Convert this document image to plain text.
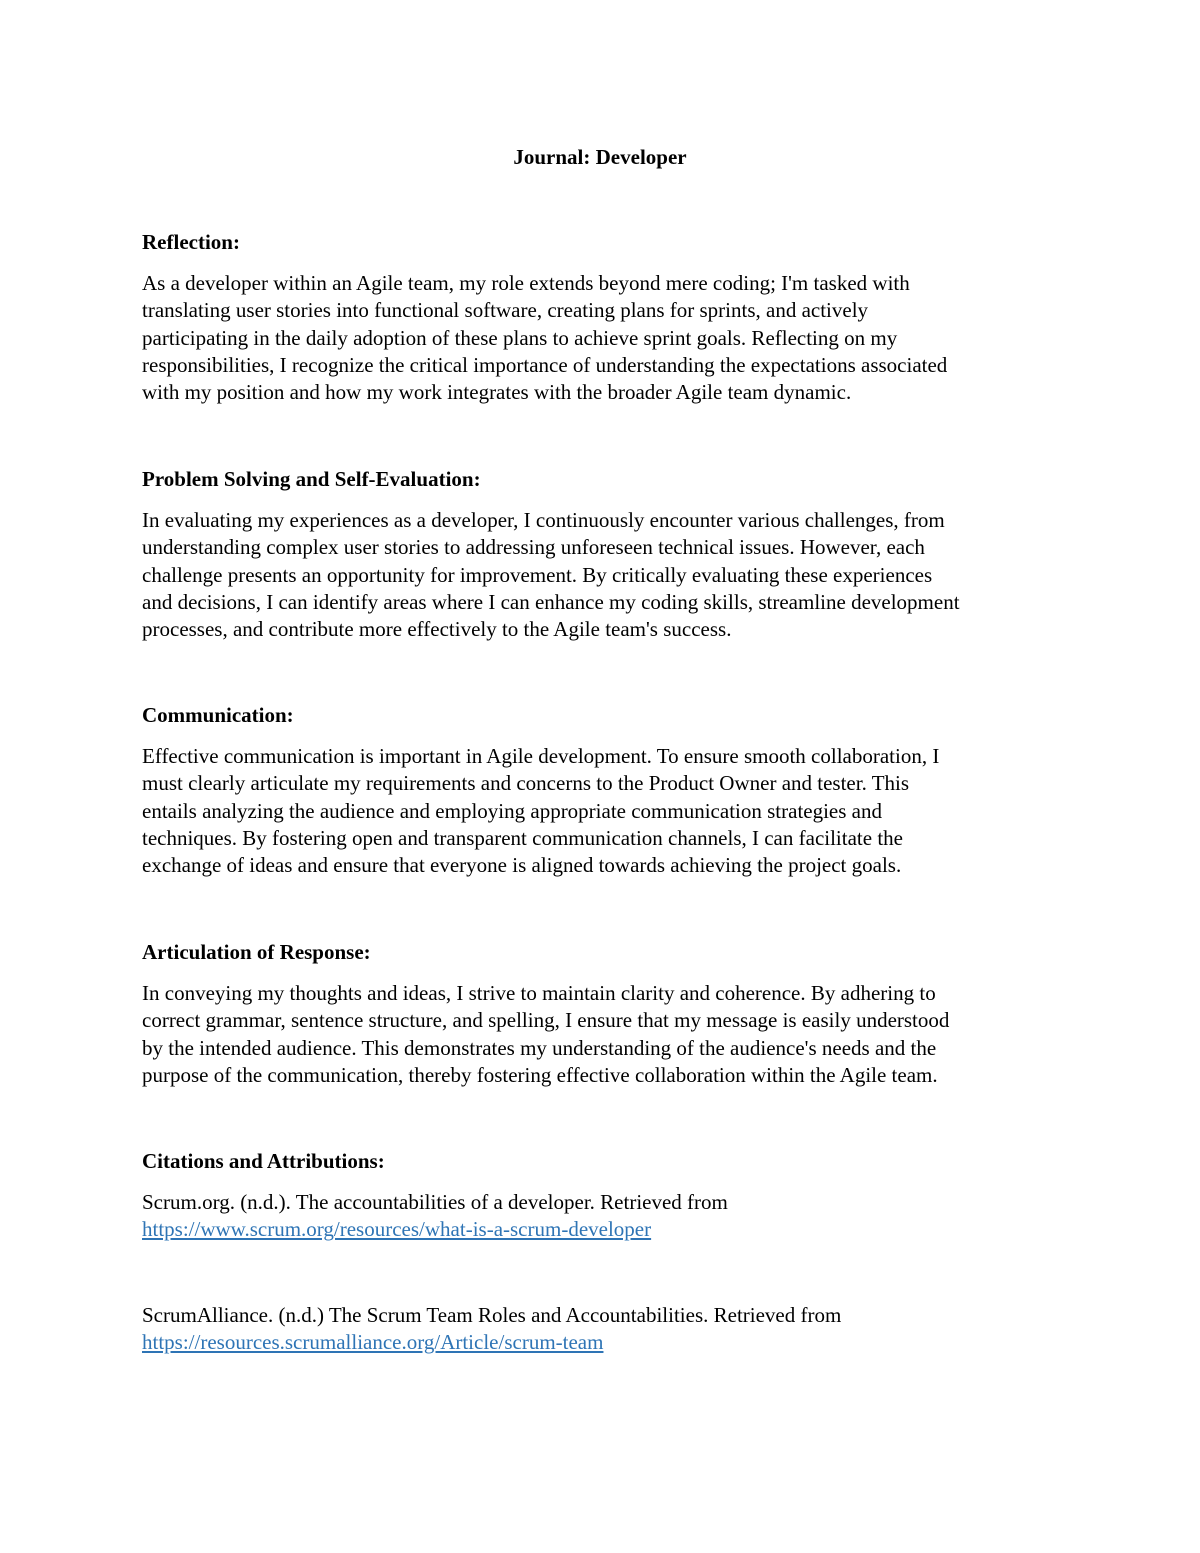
Journal: Developer
Reflection:

As a developer within an Agile team, my role extends beyond mere coding; I'm tasked with
translating user stories into functional software, creating plans for sprints, and actively
participating in the daily adoption of these plans to achieve sprint goals. Reflecting on my
responsibilities, I recognize the critical importance of understanding the expectations associated
with my position and how my work integrates with the broader Agile team dynamic.

Problem Solving and Self-Evaluation:

In evaluating my experiences as a developer, I continuously encounter various challenges, from
understanding complex user stories to addressing unforeseen technical issues. However, each
challenge presents an opportunity for improvement. By critically evaluating these experiences
and decisions, I can identify areas where I can enhance my coding skills, streamline development
processes, and contribute more effectively to the Agile team's success.

Communication:

Effective communication is important in Agile development. To ensure smooth collaboration, I
must clearly articulate my requirements and concerns to the Product Owner and tester. This
entails analyzing the audience and employing appropriate communication strategies and
techniques. By fostering open and transparent communication channels, I can facilitate the
exchange of ideas and ensure that everyone is aligned towards achieving the project goals.

Articulation of Response:

In conveying my thoughts and ideas, I strive to maintain clarity and coherence. By adhering to
correct grammar, sentence structure, and spelling, I ensure that my message is easily understood
by the intended audience. This demonstrates my understanding of the audience's needs and the
purpose of the communication, thereby fostering effective collaboration within the Agile team.

Citations and Attributions:

Scrum.org. (n.d.). The accountabilities of a developer. Retrieved from
https://www.scrum.org/resources/what-is-a-scrum-developer

ScrumAlliance. (n.d.) The Scrum Team Roles and Accountabilities. Retrieved from
https://resources.scrumalliance.org/Article/scrum-team
